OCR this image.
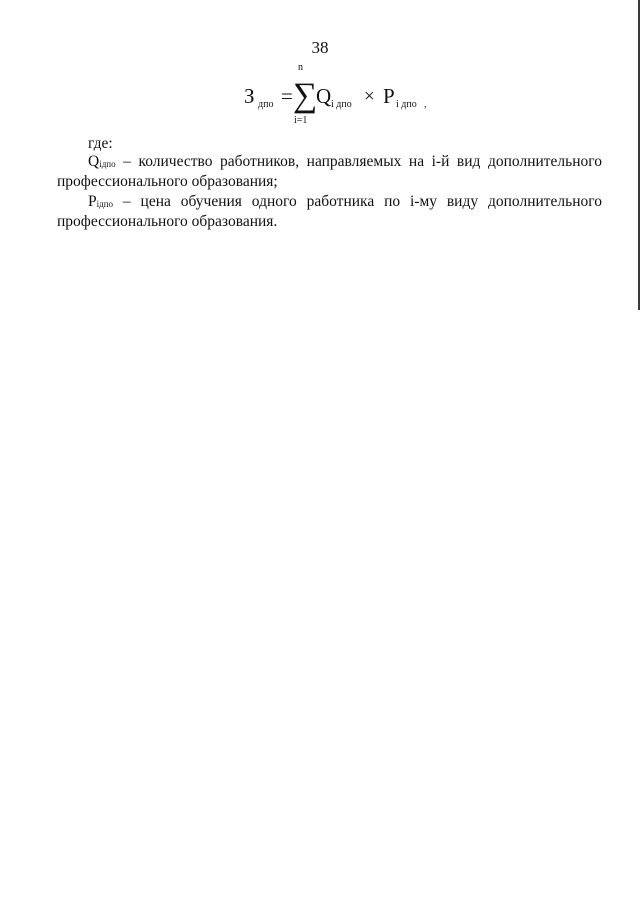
38
З дпо =
n
∑
i=1
Q i дпо × P i дпо ,
где:
Qiдпо – количество работников, направляемых на i-й вид дополнительного
профессионального образования;
Piдпо – цена обучения одного работника по i-му виду дополнительного
профессионального образования.
